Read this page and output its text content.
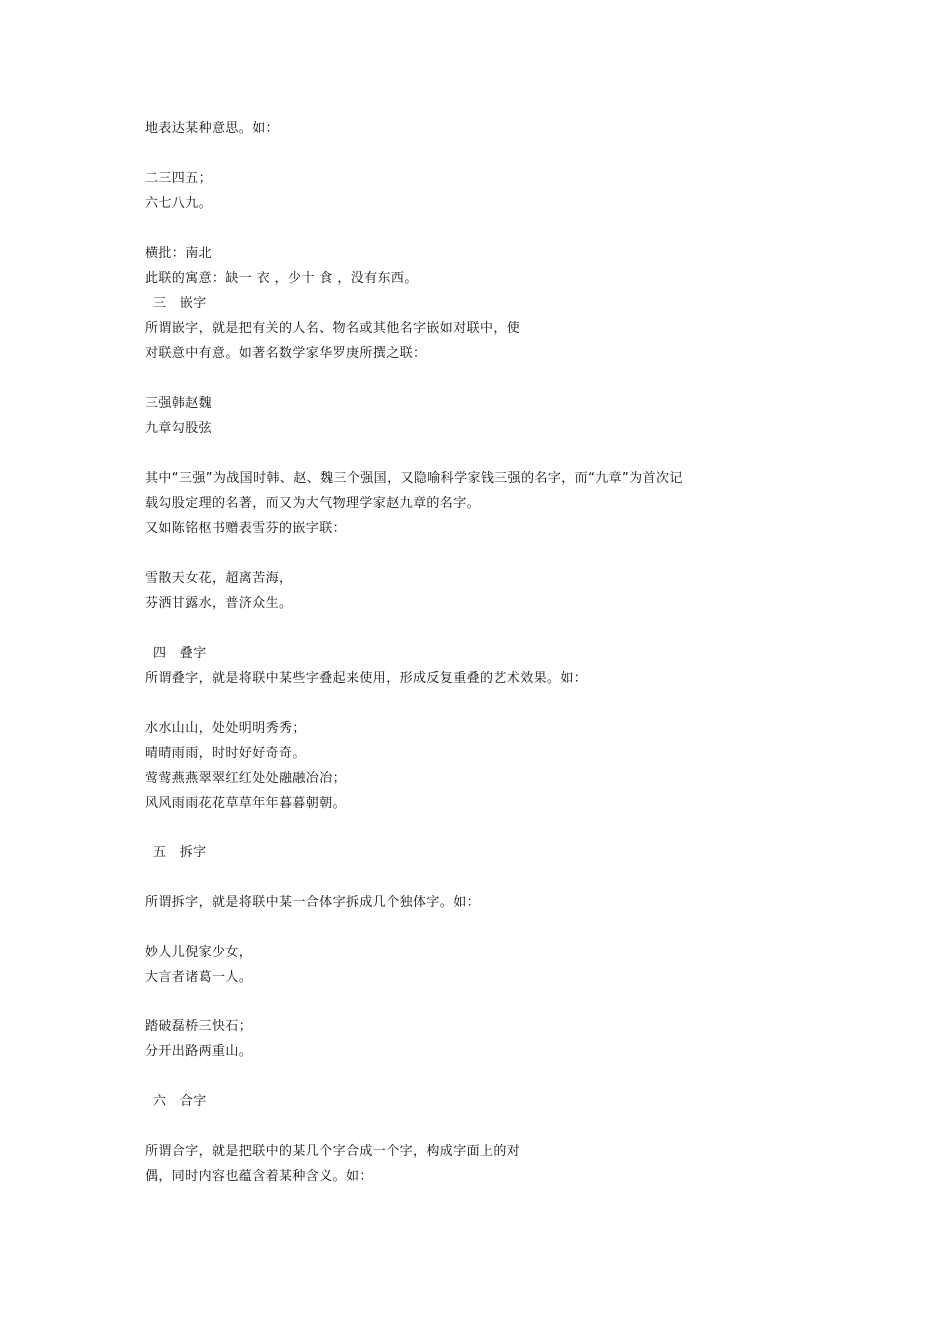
地表达某种意思。如：
二三四五；
六七八九。
横批：南北
此联的寓意：缺一 衣 ，少十 食 ，没有东西。
三　嵌字
所谓嵌字，就是把有关的人名、物名或其他名字嵌如对联中，使
对联意中有意。如著名数学家华罗庚所撰之联：
三强韩赵魏
九章勾股弦
其中“三强”为战国时韩、赵、魏三个强国，又隐喻科学家钱三强的名字，而“九章”为首次记
载勾股定理的名著，而又为大气物理学家赵九章的名字。
又如陈铭枢书赠表雪芬的嵌字联：
雪散天女花，超离苦海，
芬洒甘露水，普济众生。
四　叠字
所谓叠字，就是将联中某些字叠起来使用，形成反复重叠的艺术效果。如：
水水山山，处处明明秀秀；
晴晴雨雨，时时好好奇奇。
莺莺燕燕翠翠红红处处融融冶冶；
风风雨雨花花草草年年暮暮朝朝。
五　拆字
所谓拆字，就是将联中某一合体字拆成几个独体字。如：
妙人儿倪家少女，
大言者诸葛一人。
踏破磊桥三快石；
分开出路两重山。
六　合字
所谓合字，就是把联中的某几个字合成一个字，构成字面上的对
偶，同时内容也蕴含着某种含义。如：
